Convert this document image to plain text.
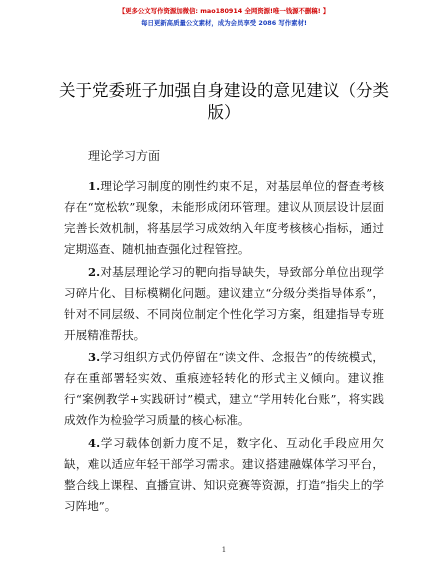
【更多公文写作资源加微信: mao180914 全网资源!唯一钱源不删稿! 】
每日更新高质量公文素材，成为会员享受 2086 写作素材!
关于党委班子加强自身建设的意见建议（分类版）
理论学习方面
1.理论学习制度的刚性约束不足，对基层单位的督查考核存在“宽松软”现象，未能形成闭环管理。建议从顶层设计层面完善长效机制，将基层学习成效纳入年度考核核心指标，通过定期巡查、随机抽查强化过程管控。
2.对基层理论学习的靶向指导缺失，导致部分单位出现学习碎片化、目标模糊化问题。建议建立“分级分类指导体系”，针对不同层级、不同岗位制定个性化学习方案，组建指导专班开展精准帮扶。
3.学习组织方式仍停留在“读文件、念报告”的传统模式，存在重部署轻实效、重痕迹轻转化的形式主义倾向。建议推行“案例教学+实践研讨”模式，建立“学用转化台账”，将实践成效作为检验学习质量的核心标准。
4.学习载体创新力度不足，数字化、互动化手段应用欠缺，难以适应年轻干部学习需求。建议搭建融媒体学习平台，整合线上课程、直播宣讲、知识竞赛等资源，打造“指尖上的学习阵地”。
1
